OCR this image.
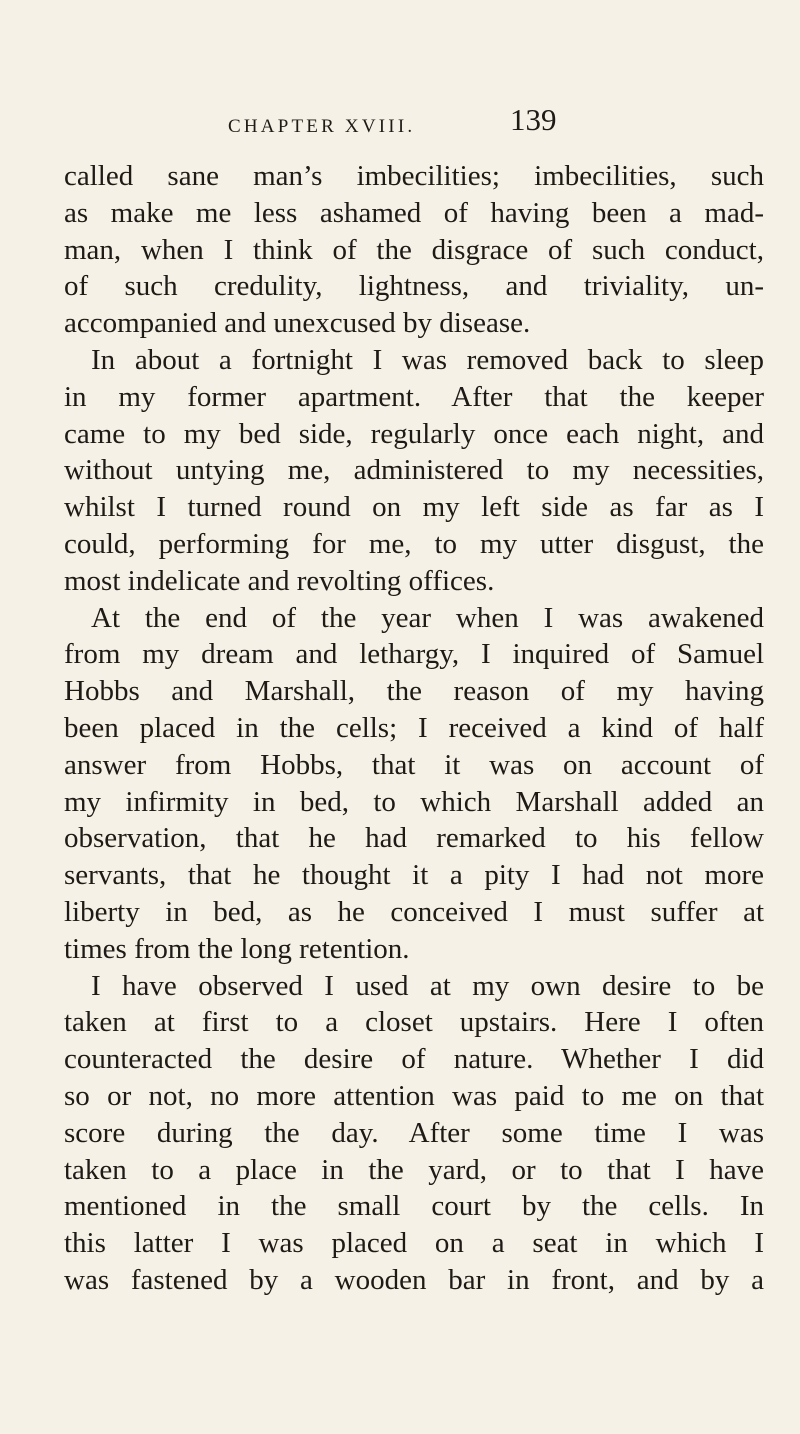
CHAPTER XVIII.	139
called sane man’s imbecilities; imbecilities, such
as make me less ashamed of having been a mad-
man, when I think of the disgrace of such conduct,
of such credulity, lightness, and triviality, un-
accompanied and unexcused by disease.
In about a fortnight I was removed back to sleep
in my former apartment. After that the keeper
came to my bed side, regularly once each night, and
without untying me, administered to my necessities,
whilst I turned round on my left side as far as I
could, performing for me, to my utter disgust, the
most indelicate and revolting offices.
At the end of the year when I was awakened
from my dream and lethargy, I inquired of Samuel
Hobbs and Marshall, the reason of my having
been placed in the cells; I received a kind of half
answer from Hobbs, that it was on account of
my infirmity in bed, to which Marshall added an
observation, that he had remarked to his fellow
servants, that he thought it a pity I had not more
liberty in bed, as he conceived I must suffer at
times from the long retention.
I have observed I used at my own desire to be
taken at first to a closet upstairs. Here I often
counteracted the desire of nature. Whether I did
so or not, no more attention was paid to me on that
score during the day. After some time I was
taken to a place in the yard, or to that I have
mentioned in the small court by the cells. In
this latter I was placed on a seat in which I
was fastened by a wooden bar in front, and by a
